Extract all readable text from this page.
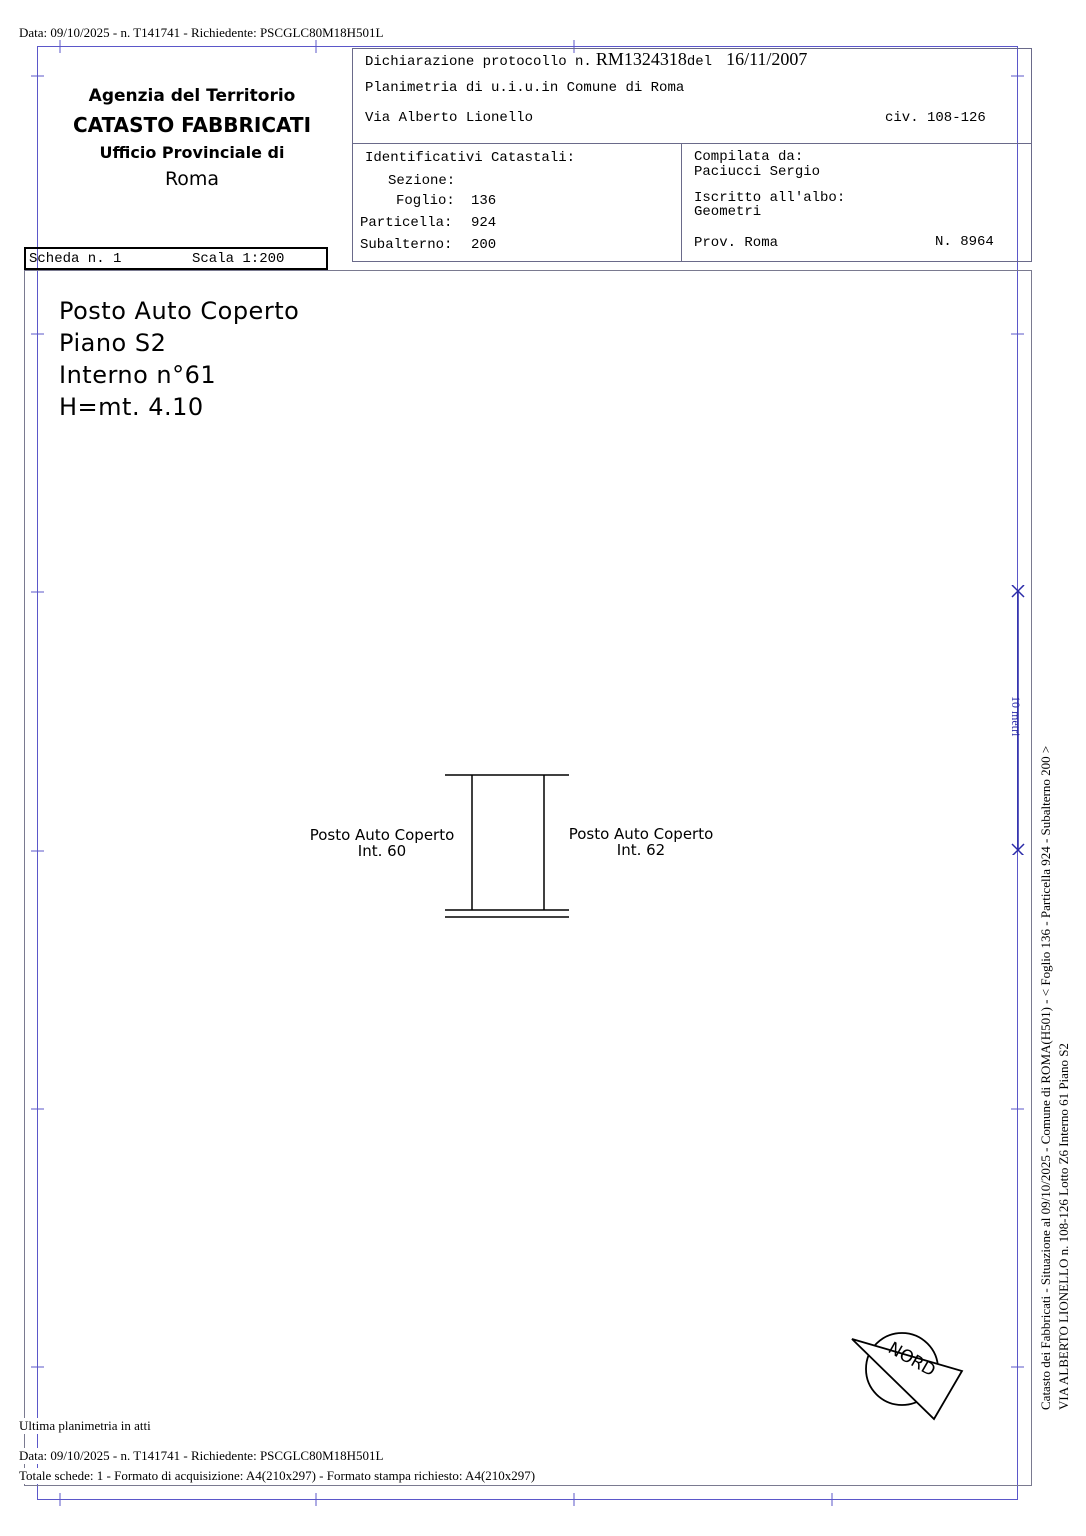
Data: 09/10/2025 - n. T141741 - Richiedente: PSCGLC80M18H501L
Agenzia del Territorio
CATASTO FABBRICATI
Ufficio Provinciale di
Roma
Scheda n. 1	Scala 1:200
Dichiarazione protocollo n. RM1324318del 16/11/2007
Planimetria di u.i.u.in Comune di Roma
Via Alberto Lionello	civ. 108-126
Identificativi Catastali:
Sezione:
Foglio: 136
Particella: 924
Subalterno: 200
Compilata da:
Paciucci Sergio
Iscritto all'albo:
Geometri
Prov. Roma	N. 8964
Posto Auto Coperto
Piano S2
Interno n°61
H=mt. 4.10
Posto Auto Coperto
Int. 60
Posto Auto Coperto
Int. 62
10 metri
NORD	Catasto dei Fabbricati - Situazione al 09/10/2025 - Comune di ROMA(H501) - < Foglio 136 - Particella 924 - Subalterno 200 > VIA ALBERTO LIONELLO n. 108-126 Lotto Z6 Interno 61 Piano S2
Ultima planimetria in atti
Data: 09/10/2025 - n. T141741 - Richiedente: PSCGLC80M18H501L
Totale schede: 1 - Formato di acquisizione: A4(210x297) - Formato stampa richiesto: A4(210x297)
